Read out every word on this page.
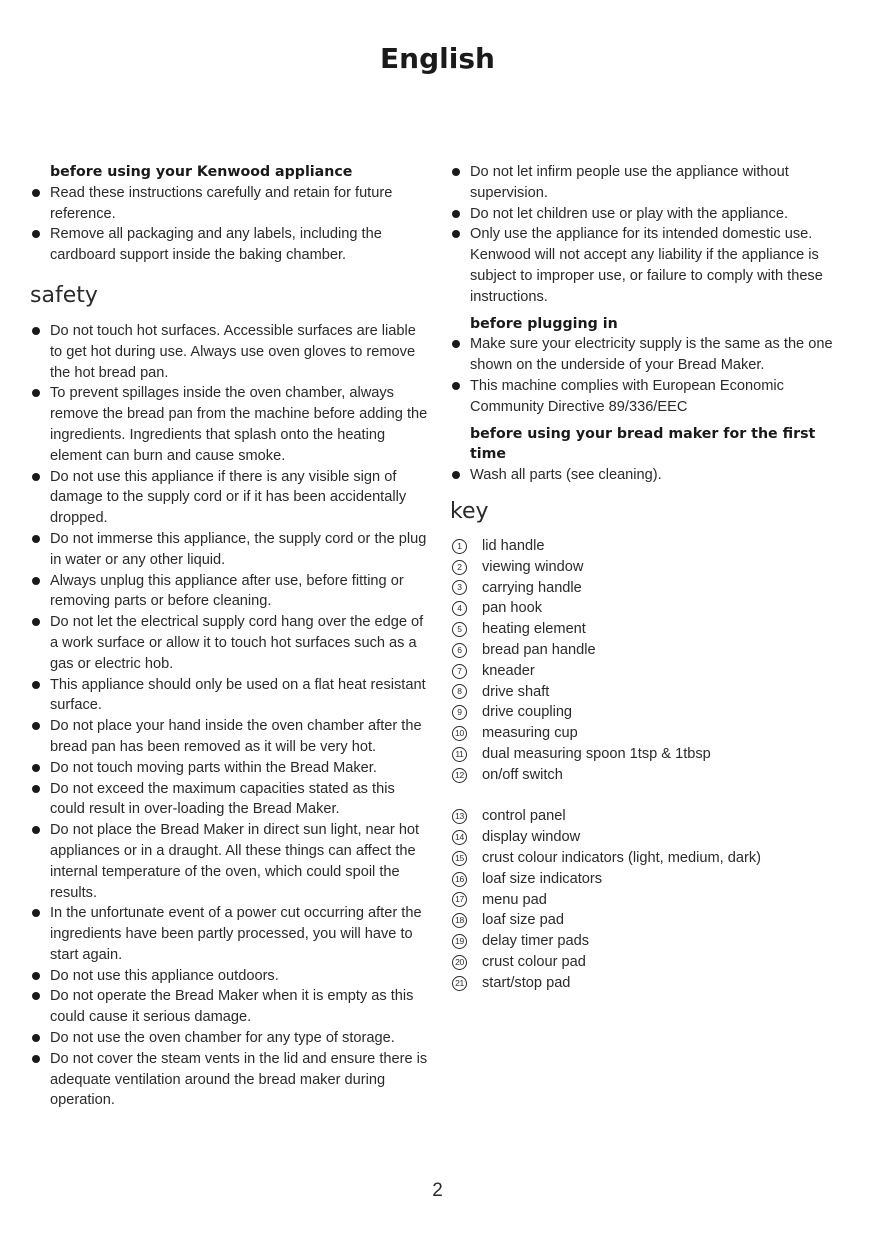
English
before using your Kenwood appliance
Read these instructions carefully and retain for future reference.
Remove all packaging and any labels, including the cardboard support inside the baking chamber.
safety
Do not touch hot surfaces. Accessible surfaces are liable to get hot during use. Always use oven gloves to remove the hot bread pan.
To prevent spillages inside the oven chamber, always remove the bread pan from the machine before adding the ingredients. Ingredients that splash onto the heating element can burn and cause smoke.
Do not use this appliance if there is any visible sign of damage to the supply cord or if it has been accidentally dropped.
Do not immerse this appliance, the supply cord or the plug in water or any other liquid.
Always unplug this appliance after use, before fitting or removing parts or before cleaning.
Do not let the electrical supply cord hang over the edge of a work surface or allow it to touch hot surfaces such as a gas or electric hob.
This appliance should only be used on a flat heat resistant surface.
Do not place your hand inside the oven chamber after the bread pan has been removed as it will be very hot.
Do not touch moving parts within the Bread Maker.
Do not exceed the maximum capacities stated as this could result in over-loading the Bread Maker.
Do not place the Bread Maker in direct sun light, near hot appliances or in a draught. All these things can affect the internal temperature of the oven, which could spoil the results.
In the unfortunate event of a power cut occurring after the ingredients have been partly processed, you will have to start again.
Do not use this appliance outdoors.
Do not operate the Bread Maker when it is empty as this could cause it serious damage.
Do not use the oven chamber for any type of storage.
Do not cover the steam vents in the lid and ensure there is adequate ventilation around the bread maker during operation.
Do not let infirm people use the appliance without supervision.
Do not let children use or play with the appliance.
Only use the appliance for its intended domestic use. Kenwood will not accept any liability if the appliance is subject to improper use, or failure to comply with these instructions.
before plugging in
Make sure your electricity supply is the same as the one shown on the underside of your Bread Maker.
This machine complies with European Economic Community Directive 89/336/EEC
before using your bread maker for the first time
Wash all parts (see cleaning).
key
1	lid handle
2	viewing window
3	carrying handle
4	pan hook
5	heating element
6	bread pan handle
7	kneader
8	drive shaft
9	drive coupling
10 measuring cup
11 dual measuring spoon 1tsp & 1tbsp
12 on/off switch
13 control panel
14 display window
15 crust colour indicators (light, medium, dark)
16 loaf size indicators
17 menu pad
18 loaf size pad
19 delay timer pads
20 crust colour pad
21 start/stop pad
2
